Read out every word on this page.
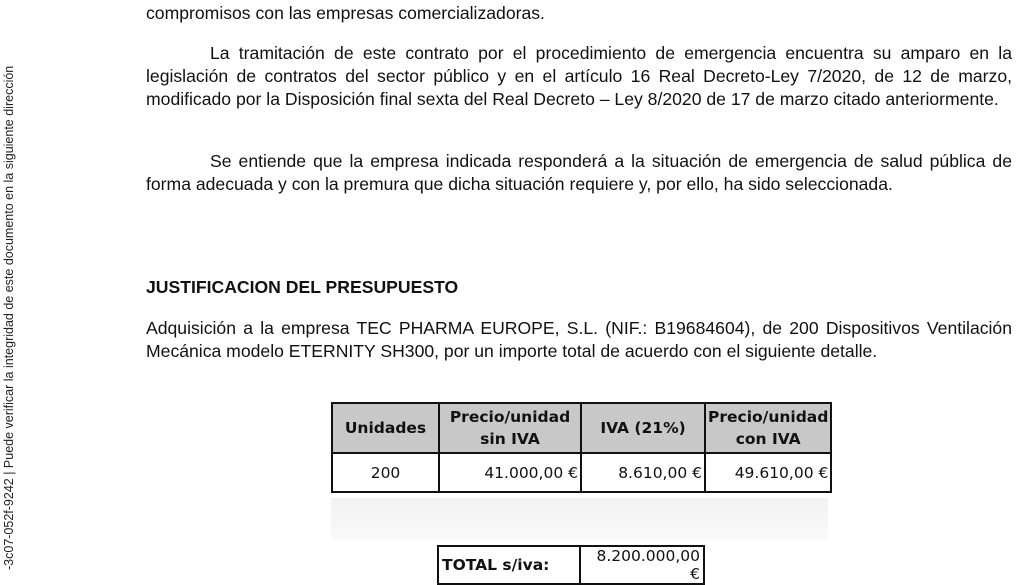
-3c07-052f-9242 | Puede verificar la integridad de este documento en la siguiente dirección

compromisos con las empresas comercializadoras.

La tramitación de este contrato por el procedimiento de emergencia encuentra su amparo en la legislación de contratos del sector público y en el artículo 16 Real Decreto-Ley 7/2020, de 12 de marzo, modificado por la Disposición final sexta del Real Decreto – Ley 8/2020 de 17 de marzo citado anteriormente.

Se entiende que la empresa indicada responderá a la situación de emergencia de salud pública de forma adecuada y con la premura que dicha situación requiere y, por ello, ha sido seleccionada.

JUSTIFICACION DEL PRESUPUESTO

Adquisición a la empresa TEC PHARMA EUROPE, S.L. (NIF.: B19684604), de 200 Dispositivos Ventilación Mecánica modelo ETERNITY SH300, por un importe total de acuerdo con el siguiente detalle.

Unidades	Precio/unidad sin IVA	IVA (21%)	Precio/unidad con IVA
200	41.000,00 €	8.610,00 €	49.610,00 €
TOTAL s/iva:	8.200.000,00 €
